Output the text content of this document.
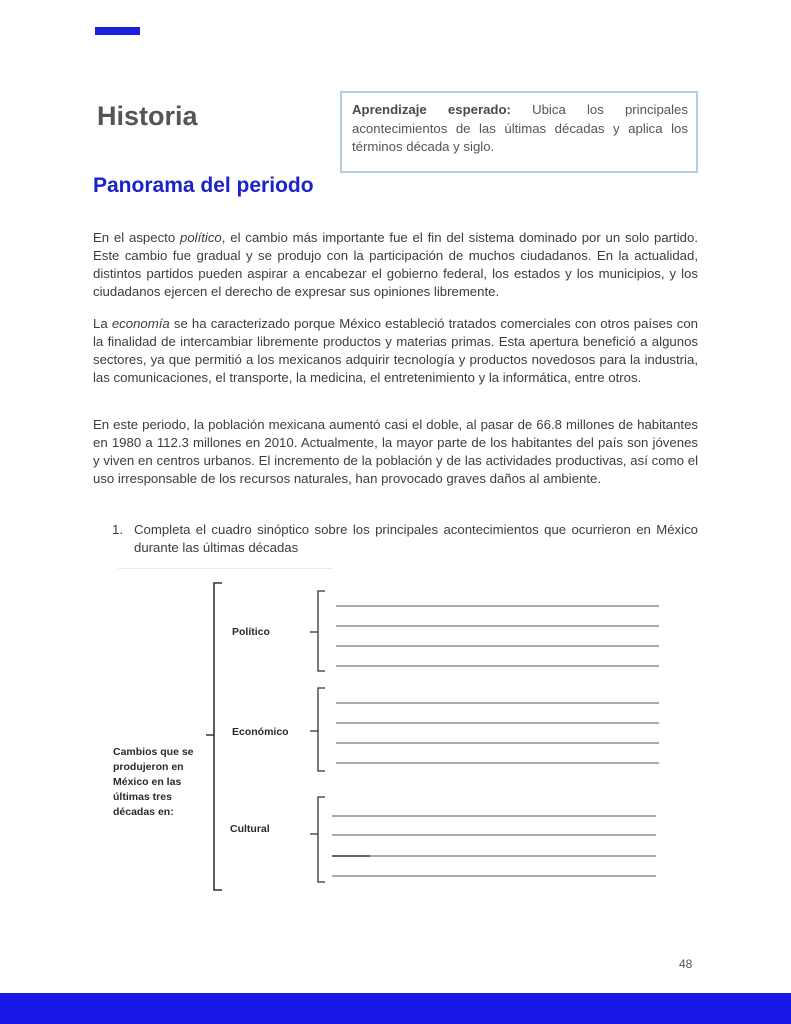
Historia	Aprendizaje esperado: Ubica los principales acontecimientos de las últimas décadas y aplica los términos década y siglo.
Panorama del periodo

En el aspecto político, el cambio más importante fue el fin del sistema dominado por un solo partido. Este cambio fue gradual y se produjo con la participación de muchos ciudadanos. En la actualidad, distintos partidos pueden aspirar a encabezar el gobierno federal, los estados y los municipios, y los ciudadanos ejercen el derecho de expresar sus opiniones libremente.

La economía se ha caracterizado porque México estableció tratados comerciales con otros países con la finalidad de intercambiar libremente productos y materias primas. Esta apertura benefició a algunos sectores, ya que permitió a los mexicanos adquirir tecnología y productos novedosos para la industria, las comunicaciones, el transporte, la medicina, el entretenimiento y la informática, entre otros.

En este periodo, la población mexicana aumentó casi el doble, al pasar de 66.8 millones de habitantes en 1980 a 112.3 millones en 2010. Actualmente, la mayor parte de los habitantes del país son jóvenes y viven en centros urbanos. El incremento de la población y de las actividades productivas, así como el uso irresponsable de los recursos naturales, han provocado graves daños al ambiente.

1. Completa el cuadro sinóptico sobre los principales acontecimientos que ocurrieron en México durante las últimas décadas
Político
Económico
Cultural
Cambios que se produjeron en México en las últimas tres décadas en:
48
